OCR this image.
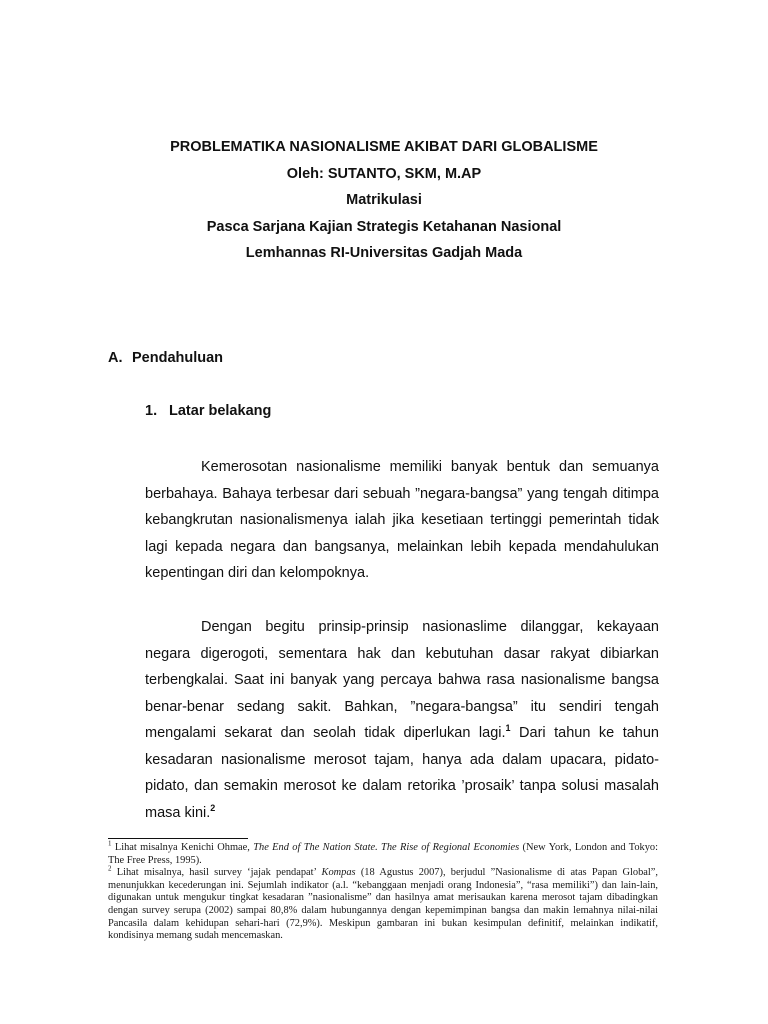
PROBLEMATIKA NASIONALISME AKIBAT DARI GLOBALISME
Oleh: SUTANTO, SKM, M.AP
Matrikulasi
Pasca Sarjana Kajian Strategis Ketahanan Nasional
Lemhannas RI-Universitas Gadjah Mada
A. Pendahuluan
1. Latar belakang
Kemerosotan nasionalisme memiliki banyak bentuk dan semuanya berbahaya. Bahaya terbesar dari sebuah ”negara-bangsa” yang tengah ditimpa kebangkrutan nasionalismenya ialah jika kesetiaan tertinggi pemerintah tidak lagi kepada negara dan bangsanya, melainkan lebih kepada mendahulukan kepentingan diri dan kelompoknya.
Dengan begitu prinsip-prinsip nasionaslime dilanggar, kekayaan negara digerogoti, sementara hak dan kebutuhan dasar rakyat dibiarkan terbengkalai. Saat ini banyak yang percaya bahwa rasa nasionalisme bangsa benar-benar sedang sakit. Bahkan, ”negara-bangsa” itu sendiri tengah mengalami sekarat dan seolah tidak diperlukan lagi.$^1$ Dari tahun ke tahun kesadaran nasionalisme merosot tajam, hanya ada dalam upacara, pidato-pidato, dan semakin merosot ke dalam retorika ’prosaik’ tanpa solusi masalah masa kini.$^2$

$^1$ Lihat misalnya Kenichi Ohmae, The End of The Nation State. The Rise of Regional Economies (New York, London and Tokyo: The Free Press, 1995).

$^2$ Lihat misalnya, hasil survey ‘jajak pendapat’ Kompas (18 Agustus 2007), berjudul ”Nasionalisme di atas Papan Global”, menunjukkan kecederungan ini. Sejumlah indikator (a.l. “kebanggaan menjadi orang Indonesia”, “rasa memiliki”) dan lain-lain, digunakan untuk mengukur tingkat kesadaran ”nasionalisme” dan hasilnya amat merisaukan karena merosot tajam dibadingkan dengan survey serupa (2002) sampai 80,8% dalam hubungannya dengan kepemimpinan bangsa dan makin lemahnya nilai-nilai Pancasila dalam kehidupan sehari-hari (72,9%). Meskipun gambaran ini bukan kesimpulan definitif, melainkan indikatif, kondisinya memang sudah mencemaskan.
